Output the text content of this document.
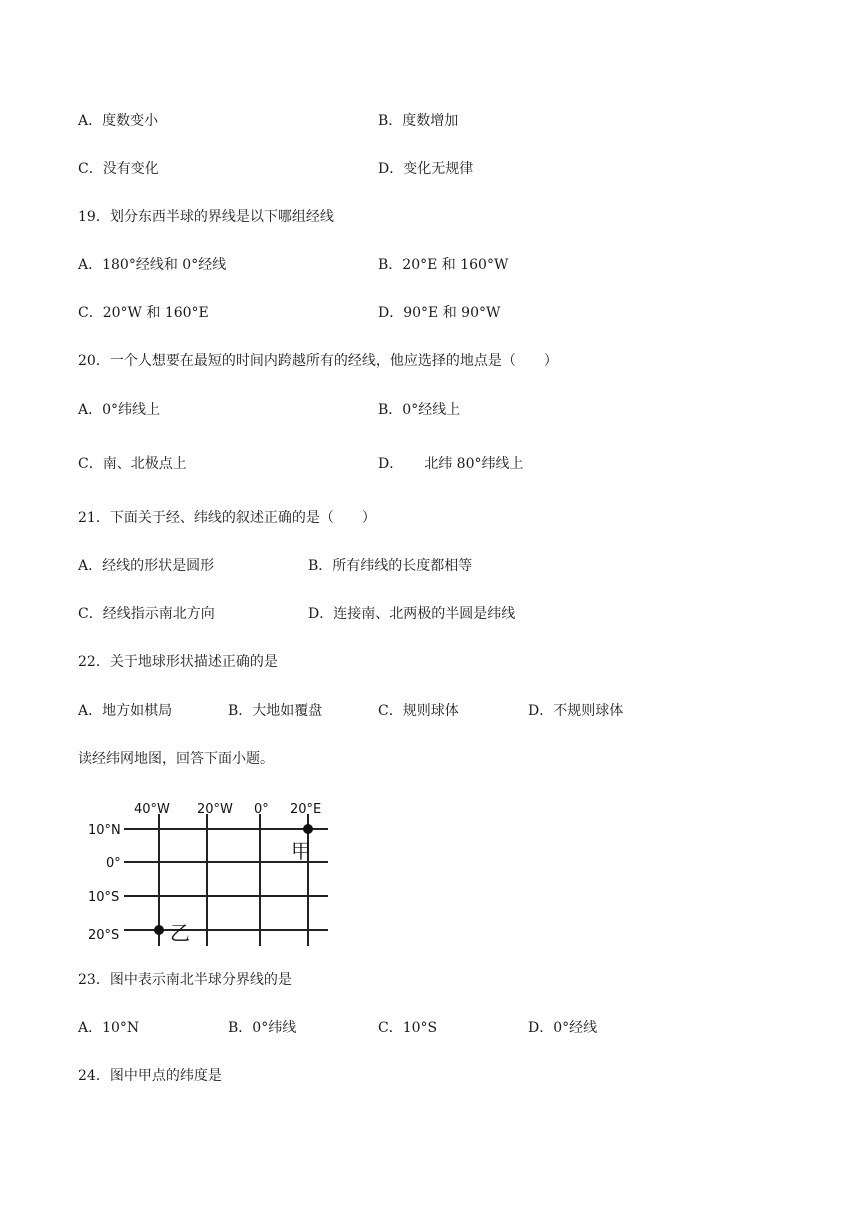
A．度数变小	B．度数增加
C．没有变化	D．变化无规律
19．划分东西半球的界线是以下哪组经线
A．180°经线和 0°经线	B．20°E 和 160°W
C．20°W 和 160°E	D．90°E 和 90°W
20．一个人想要在最短的时间内跨越所有的经线，他应选择的地点是（　　）
A．0°纬线上	B．0°经线上
C．南、北极点上	D．　　北纬 80°纬线上
21．下面关于经、纬线的叙述正确的是（　　）
A．经线的形状是圆形	B．所有纬线的长度都相等
C．经线指示南北方向	D．连接南、北两极的半圆是纬线
22．关于地球形状描述正确的是
A．地方如棋局	B．大地如覆盘	C．规则球体	D．不规则球体
读经纬网地图，回答下面小题。
40°W 20°W 0° 20°E
10°N
0°
10°S
20°S
甲
乙
23．图中表示南北半球分界线的是
A．10°N	B．0°纬线	C．10°S	D．0°经线
24．图中甲点的纬度是
